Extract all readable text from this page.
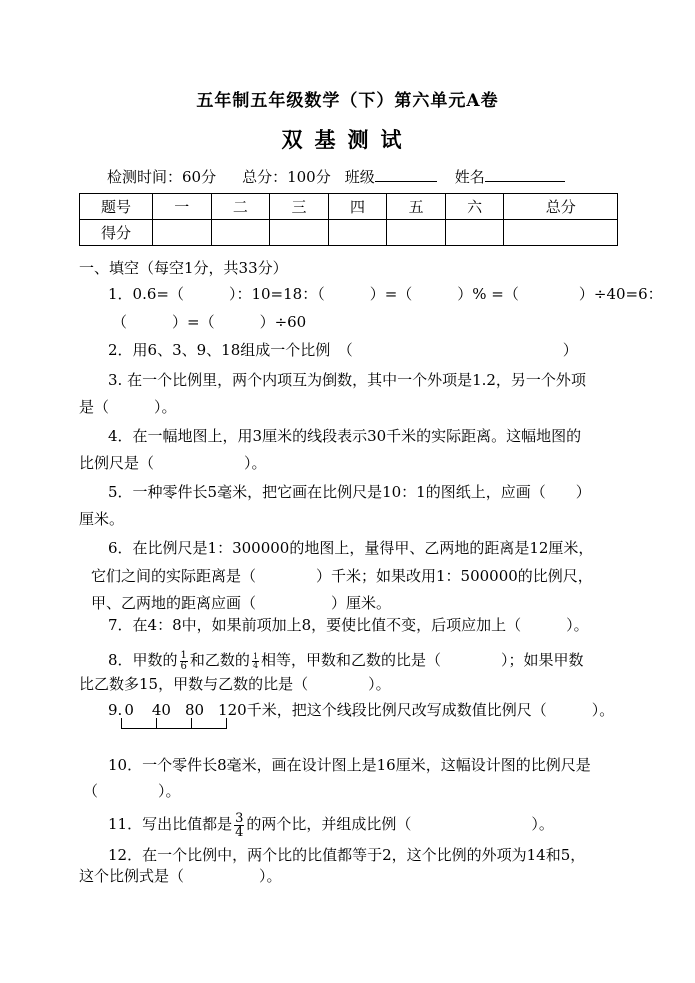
五年制五年级数学（下）第六单元A卷
双基测试
检测时间：60分 总分：100分 班级	姓名
题号	一	二	三	四	五	六	总分
得分							
一、填空（每空1分，共33分）
1．0.6=（　　　）：10=18：（　　　）=（　　　）% =（　　　　）÷40=6：
（　　　）=（　　　）÷60
2．用6、3、9、18组成一个比例　（　　　　　　　　　　　　　　）
3. 在一个比例里，两个内项互为倒数，其中一个外项是1.2，另一个外项
是（　　　）。
4．在一幅地图上，用3厘米的线段表示30千米的实际距离。这幅地图的
比例尺是（　　　　　　）。
5．一种零件长5毫米，把它画在比例尺是10：1的图纸上，应画（　　）
厘米。
6．在比例尺是1：300000的地图上，量得甲、乙两地的距离是12厘米，
它们之间的实际距离是（　　　　）千米；如果改用1：500000的比例尺，
甲、乙两地的距离应画（　　　　　）厘米。
7．在4：8中，如果前项加上8，要使比值不变，后项应加上（　　　）。
8．甲数的 $\frac{1}{6}$ 和乙数的 $\frac{1}{4}$ 相等，甲数和乙数的比是（　　　　）；如果甲数
比乙数多15，甲数与乙数的比是（　　　　）。
9. 0 40 80 120千米，把这个线段比例尺改写成数值比例尺（　　　）。
10．一个零件长8毫米，画在设计图上是16厘米，这幅设计图的比例尺是
（　　　　）。
11．写出比值都是 $\frac{3}{4}$ 的两个比，并组成比例（　　　　　　　　）。
12．在一个比例中，两个比的比值都等于2，这个比例的外项为14和5，
这个比例式是（　　　　　）。
